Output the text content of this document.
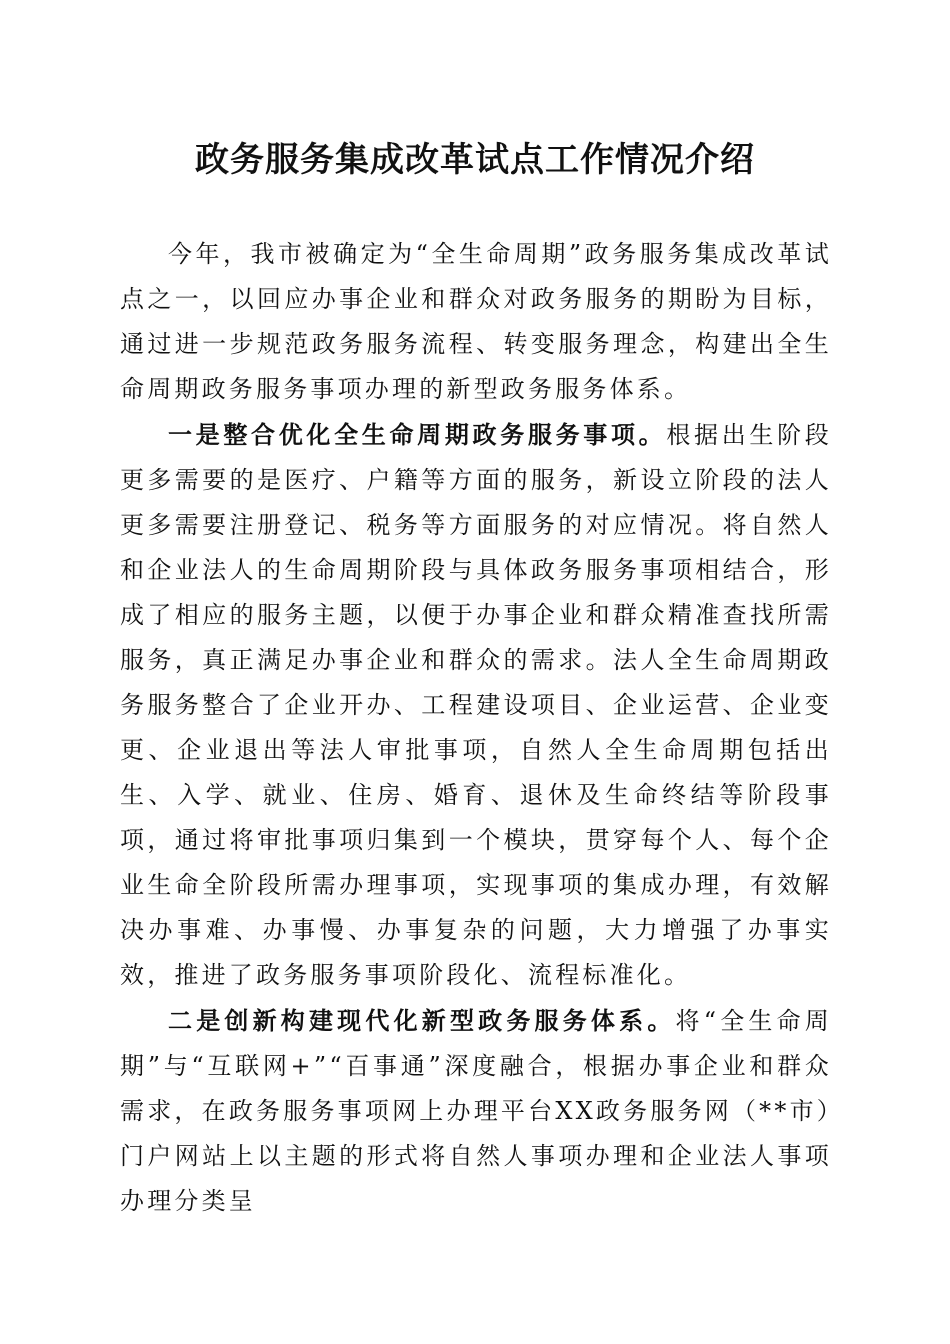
政务服务集成改革试点工作情况介绍

今年，我市被确定为“全生命周期”政务服务集成改革试点之一，以回应办事企业和群众对政务服务的期盼为目标，通过进一步规范政务服务流程、转变服务理念，构建出全生命周期政务服务事项办理的新型政务服务体系。

一是整合优化全生命周期政务服务事项。根据出生阶段更多需要的是医疗、户籍等方面的服务，新设立阶段的法人更多需要注册登记、税务等方面服务的对应情况。将自然人和企业法人的生命周期阶段与具体政务服务事项相结合，形成了相应的服务主题，以便于办事企业和群众精准查找所需服务，真正满足办事企业和群众的需求。法人全生命周期政务服务整合了企业开办、工程建设项目、企业运营、企业变更、企业退出等法人审批事项，自然人全生命周期包括出生、入学、就业、住房、婚育、退休及生命终结等阶段事项，通过将审批事项归集到一个模块，贯穿每个人、每个企业生命全阶段所需办理事项，实现事项的集成办理，有效解决办事难、办事慢、办事复杂的问题，大力增强了办事实效，推进了政务服务事项阶段化、流程标准化。

二是创新构建现代化新型政务服务体系。将“全生命周期”与“互联网+”“百事通”深度融合，根据办事企业和群众需求，在政务服务事项网上办理平台XX政务服务网（**市）门户网站上以主题的形式将自然人事项办理和企业法人事项办理分类呈
